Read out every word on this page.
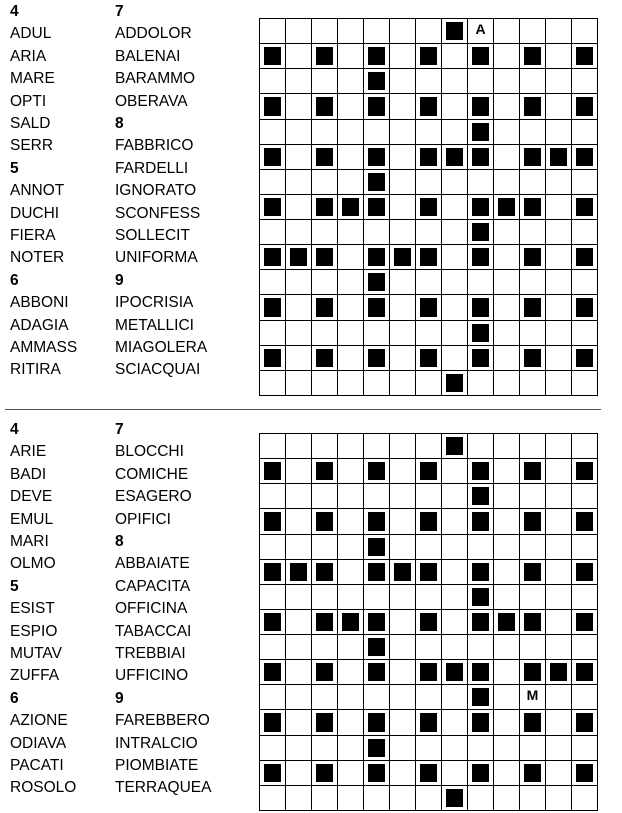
4
ADUL
ARIA
MARE
OPTI
SALD
SERR
5
ANNOT
DUCHI
FIERA
NOTER
6
ABBONI
ADAGIA
AMMASS
RITIRA
7
ADDOLOR
BALENAI
BARAMMO
OBERAVA
8
FABBRICO
FARDELLI
IGNORATO
SCONFESS
SOLLECIT
UNIFORMA
9
IPOCRISIA
METALLICI
MIAGOLERA
SCIACQUAI

								A				

4
ARIE
BADI
DEVE
EMUL
MARI
OLMO
5
ESIST
ESPIO
MUTAV
ZUFFA
6
AZIONE
ODIAVA
PACATI
ROSOLO
7
BLOCCHI
COMICHE
ESAGERO
OPIFICI
8
ABBAIATE
CAPACITA
OFFICINA
TABACCAI
TREBBIAI
UFFICINO
9
FAREBBERO
INTRALCIO
PIOMBIATE
TERRAQUEA

										M		
